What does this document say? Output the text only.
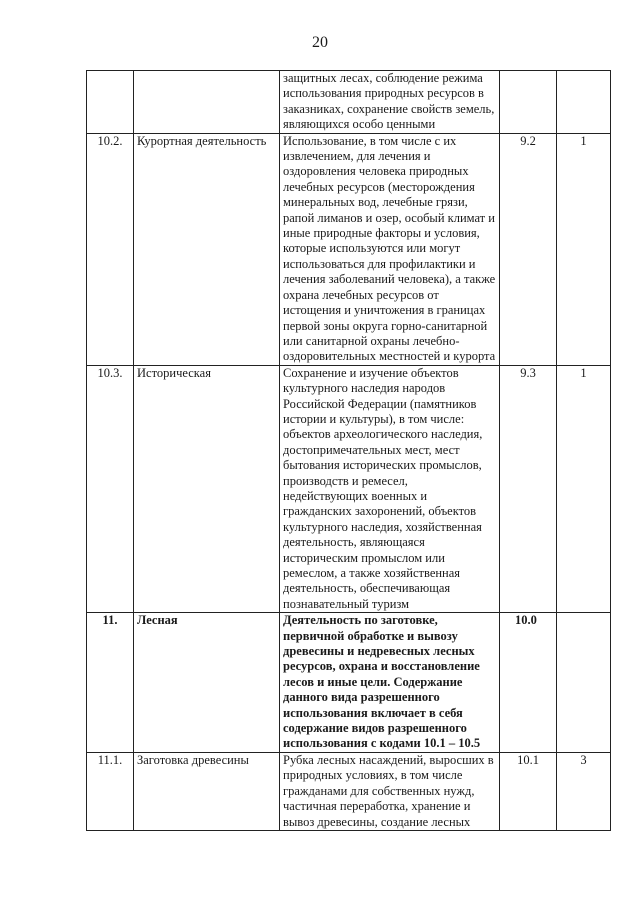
20
		защитных лесах, соблюдение режима использования природных ресурсов в заказниках, сохранение свойств земель, являющихся особо ценными		
10.2.	Курортная деятельность	Использование, в том числе с их извлечением, для лечения и оздоровления человека природных лечебных ресурсов (месторождения минеральных вод, лечебные грязи, рапой лиманов и озер, особый климат и иные природные факторы и условия, которые используются или могут использоваться для профилактики и лечения заболеваний человека), а также охрана лечебных ресурсов от истощения и уничтожения в границах первой зоны округа горно-санитарной или санитарной охраны лечебно-оздоровительных местностей и курорта	9.2	1
10.3.	Историческая	Сохранение и изучение объектов культурного наследия народов Российской Федерации (памятников истории и культуры), в том числе: объектов археологического наследия, достопримечательных мест, мест бытования исторических промыслов, производств и ремесел, недействующих военных и гражданских захоронений, объектов культурного наследия, хозяйственная деятельность, являющаяся историческим промыслом или ремеслом, а также хозяйственная деятельность, обеспечивающая познавательный туризм	9.3	1
11.	Лесная	Деятельность по заготовке, первичной обработке и вывозу древесины и недревесных лесных ресурсов, охрана и восстановление лесов и иные цели. Содержание данного вида разрешенного использования включает в себя содержание видов разрешенного использования с кодами 10.1 – 10.5	10.0	
11.1.	Заготовка древесины	Рубка лесных насаждений, выросших в природных условиях, в том числе гражданами для собственных нужд, частичная переработка, хранение и вывоз древесины, создание лесных	10.1	3
